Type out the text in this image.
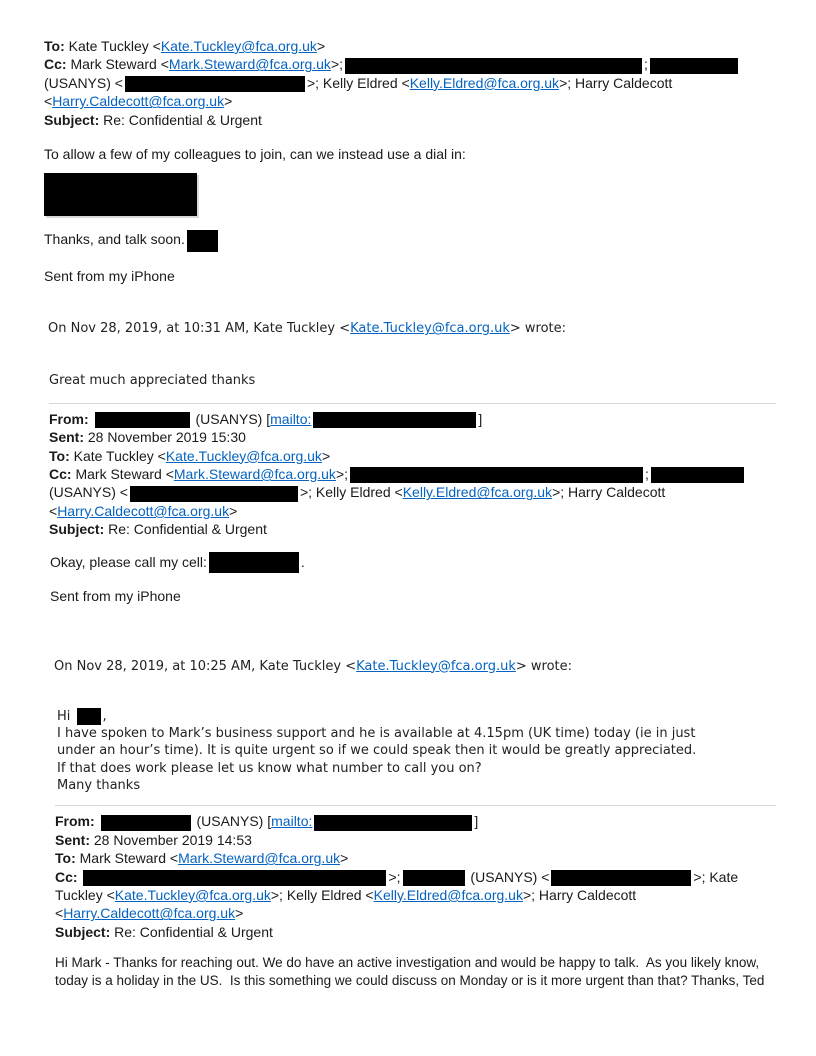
To: Kate Tuckley <Kate.Tuckley@fca.org.uk>
Cc: Mark Steward <Mark.Steward@fca.org.uk>;	;
(USANYS) <	>; Kelly Eldred <Kelly.Eldred@fca.org.uk>; Harry Caldecott
<Harry.Caldecott@fca.org.uk>
Subject: Re: Confidential & Urgent
To allow a few of my colleagues to join, can we instead use a dial in:
Thanks, and talk soon.
Sent from my iPhone
On Nov 28, 2019, at 10:31 AM, Kate Tuckley <Kate.Tuckley@fca.org.uk> wrote:
Great much appreciated thanks
From:	(USANYS) [mailto:	]
Sent: 28 November 2019 15:30
To: Kate Tuckley <Kate.Tuckley@fca.org.uk>
Cc: Mark Steward <Mark.Steward@fca.org.uk>;	;
(USANYS) <	>; Kelly Eldred <Kelly.Eldred@fca.org.uk>; Harry Caldecott
<Harry.Caldecott@fca.org.uk>
Subject: Re: Confidential & Urgent
Okay, please call my cell:	.
Sent from my iPhone
On Nov 28, 2019, at 10:25 AM, Kate Tuckley <Kate.Tuckley@fca.org.uk> wrote:
Hi ,
I have spoken to Mark’s business support and he is available at 4.15pm (UK time) today (ie in just
under an hour’s time). It is quite urgent so if we could speak then it would be greatly appreciated.
If that does work please let us know what number to call you on?
Many thanks
From:	(USANYS) [mailto:	]
Sent: 28 November 2019 14:53
To: Mark Steward <Mark.Steward@fca.org.uk>
Cc:	>;	(USANYS) <	>; Kate
Tuckley <Kate.Tuckley@fca.org.uk>; Kelly Eldred <Kelly.Eldred@fca.org.uk>; Harry Caldecott
<Harry.Caldecott@fca.org.uk>
Subject: Re: Confidential & Urgent
Hi Mark - Thanks for reaching out. We do have an active investigation and would be happy to talk.  As you likely know,
today is a holiday in the US.  Is this something we could discuss on Monday or is it more urgent than that? Thanks, Ted
